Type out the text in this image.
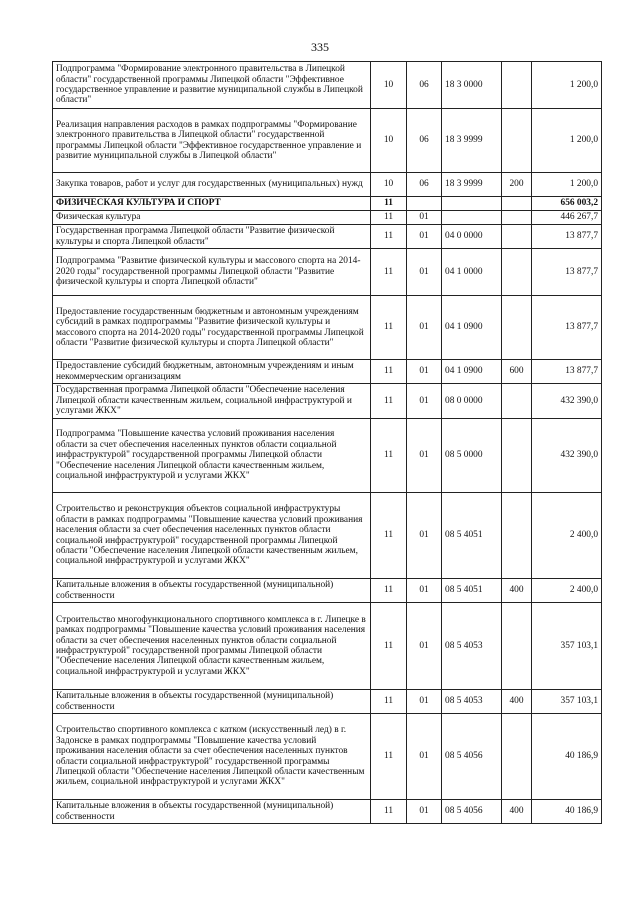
335
Подпрограмма "Формирование электронного правительства в Липецкой области" государственной программы Липецкой области "Эффективное государственное управление и развитие муниципальной службы в Липецкой области"	10	06	18 3 0000		1 200,0
Реализация направления расходов в рамках подпрограммы "Формирование электронного правительства в Липецкой области" государственной программы Липецкой области "Эффективное государственное управление и развитие муниципальной службы в Липецкой области"	10	06	18 3 9999		1 200,0
Закупка товаров, работ и услуг для государственных (муниципальных) нужд	10	06	18 3 9999	200	1 200,0
ФИЗИЧЕСКАЯ КУЛЬТУРА И СПОРТ	11				656 003,2
Физическая культура	11	01			446 267,7
Государственная программа Липецкой области "Развитие физической культуры и спорта Липецкой области"	11	01	04 0 0000		13 877,7
Подпрограмма "Развитие физической культуры и массового спорта на 2014-2020 годы" государственной программы Липецкой области "Развитие физической культуры и спорта Липецкой области"	11	01	04 1 0000		13 877,7
Предоставление государственным бюджетным и автономным учреждениям субсидий в рамках подпрограммы "Развитие физической культуры и массового спорта на 2014-2020 годы" государственной программы Липецкой области "Развитие физической культуры и спорта Липецкой области"	11	01	04 1 0900		13 877,7
Предоставление субсидий бюджетным, автономным учреждениям и иным некоммерческим организациям	11	01	04 1 0900	600	13 877,7
Государственная программа Липецкой области "Обеспечение населения Липецкой области качественным жильем, социальной инфраструктурой и услугами ЖКХ"	11	01	08 0 0000		432 390,0
Подпрограмма "Повышение качества условий проживания населения области за счет обеспечения населенных пунктов области социальной инфраструктурой" государственной программы Липецкой области "Обеспечение населения Липецкой области качественным жильем, социальной инфраструктурой и услугами ЖКХ"	11	01	08 5 0000		432 390,0
Строительство и реконструкция объектов социальной инфраструктуры области в рамках подпрограммы "Повышение качества условий проживания населения области за счет обеспечения населенных пунктов области социальной инфраструктурой" государственной программы Липецкой области "Обеспечение населения Липецкой области качественным жильем, социальной инфраструктурой и услугами ЖКХ"	11	01	08 5 4051		2 400,0
Капитальные вложения в объекты государственной (муниципальной) собственности	11	01	08 5 4051	400	2 400,0
Строительство многофункционального спортивного комплекса в г. Липецке в рамках подпрограммы "Повышение качества условий проживания населения области за счет обеспечения населенных пунктов области социальной инфраструктурой" государственной программы Липецкой области "Обеспечение населения Липецкой области качественным жильем, социальной инфраструктурой и услугами ЖКХ"	11	01	08 5 4053		357 103,1
Капитальные вложения в объекты государственной (муниципальной) собственности	11	01	08 5 4053	400	357 103,1
Строительство спортивного комплекса с катком (искусственный лед) в г. Задонске в рамках подпрограммы "Повышение качества условий проживания населения области за счет обеспечения населенных пунктов области социальной инфраструктурой" государственной программы Липецкой области "Обеспечение населения Липецкой области качественным жильем, социальной инфраструктурой и услугами ЖКХ"	11	01	08 5 4056		40 186,9
Капитальные вложения в объекты государственной (муниципальной) собственности	11	01	08 5 4056	400	40 186,9
